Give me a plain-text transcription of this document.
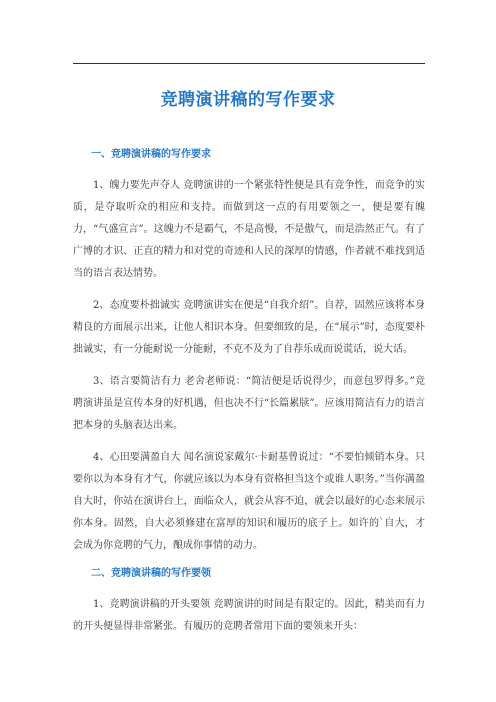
竞聘演讲稿的写作要求
一、竞聘演讲稿的写作要求

1、魄力要先声夺人 竞聘演讲的一个紧张特性便是具有竞争性，而竞争的实质，是夺取听众的相应和支持。而做到这一点的有用要领之一，便是要有魄力，“气盛宣言”。这魄力不是霸气，不是高慢，不是傲气，而是浩然正气。有了广博的才识、正直的精力和对党的奇迹和人民的深厚的情感，作者就不难找到适当的语言表达情势。

2、态度要朴拙诚实 竞聘演讲实在便是“自我介绍”。自荐，固然应该将本身精良的方面展示出来，让他人相识本身。但要细致的是，在“展示”时，态度要朴拙诚实，有一分能耐说一分能耐，不克不及为了自荐乐成而说谎话，说大话。

3、语言要简洁有力 老舍老师说：“简洁便是话说得少，而意包罗得多。”竞聘演讲虽是宣传本身的好机遇，但也决不行“长篇累牍”。应该用简洁有力的语言把本身的头脑表达出来。

4、心田要满盈自大 闻名演说家戴尔·卡耐基曾说过：“不要怕倾销本身。只要你以为本身有才气，你就应该以为本身有资格担当这个或谁人职务。”当你满盈自大时，你站在演讲台上，面临众人，就会从容不迫，就会以最好的心态来展示你本身。固然，自大必须修建在富厚的知识和履历的底子上。如许的`自大，才会成为你竞聘的气力，酿成你事情的动力。

二、竞聘演讲稿的写作要领

1、竞聘演讲稿的开头要领 竞聘演讲的时间是有限定的。因此，精美而有力的开头便显得非常紧张。有履历的竞聘者常用下面的要领来开头：
